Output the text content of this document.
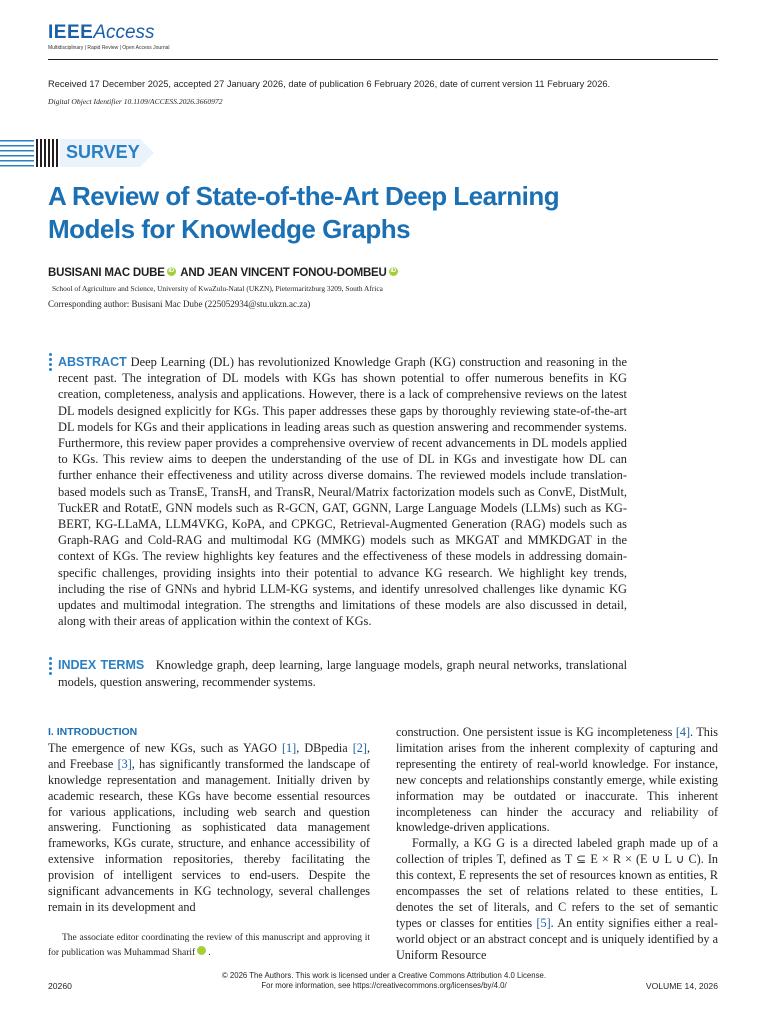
IEEEAccess
Multidisciplinary | Rapid Review | Open Access Journal
Received 17 December 2025, accepted 27 January 2026, date of publication 6 February 2026, date of current version 11 February 2026.
Digital Object Identifier 10.1109/ACCESS.2026.3660972
SURVEY
A Review of State-of-the-Art Deep Learning
Models for Knowledge Graphs
BUSISANI MAC DUBE iD AND JEAN VINCENT FONOU-DOMBEU iD
School of Agriculture and Science, University of KwaZulu-Natal (UKZN), Pietermaritzburg 3209, South Africa
Corresponding author: Busisani Mac Dube (225052934@stu.ukzn.ac.za)
ABSTRACT Deep Learning (DL) has revolutionized Knowledge Graph (KG) construction and reasoning in the recent past. The integration of DL models with KGs has shown potential to offer numerous benefits in KG creation, completeness, analysis and applications. However, there is a lack of comprehensive reviews on the latest DL models designed explicitly for KGs. This paper addresses these gaps by thoroughly reviewing state-of-the-art DL models for KGs and their applications in leading areas such as question answering and recommender systems. Furthermore, this review paper provides a comprehensive overview of recent advancements in DL models applied to KGs. This review aims to deepen the understanding of the use of DL in KGs and investigate how DL can further enhance their effectiveness and utility across diverse domains. The reviewed models include translation-based models such as TransE, TransH, and TransR, Neural/Matrix factorization models such as ConvE, DistMult, TuckER and RotatE, GNN models such as R-GCN, GAT, GGNN, Large Language Models (LLMs) such as KG-BERT, KG-LLaMA, LLM4VKG, KoPA, and CPKGC, Retrieval-Augmented Generation (RAG) models such as Graph-RAG and Cold-RAG and multimodal KG (MMKG) models such as MKGAT and MMKDGAT in the context of KGs. The review highlights key features and the effectiveness of these models in addressing domain-specific challenges, providing insights into their potential to advance KG research. We highlight key trends, including the rise of GNNs and hybrid LLM-KG systems, and identify unresolved challenges like dynamic KG updates and multimodal integration. The strengths and limitations of these models are also discussed in detail, along with their areas of application within the context of KGs.
INDEX TERMS Knowledge graph, deep learning, large language models, graph neural networks, translational models, question answering, recommender systems.
I. INTRODUCTION
The emergence of new KGs, such as YAGO [1], DBpedia [2], and Freebase [3], has significantly transformed the landscape of knowledge representation and management. Initially driven by academic research, these KGs have become essential resources for various applications, including web search and question answering. Functioning as sophisticated data management frameworks, KGs curate, structure, and enhance accessibility of extensive information repositories, thereby facilitating the provision of intelligent services to end-users. Despite the significant advancements in KG technology, several challenges remain in its development and
The associate editor coordinating the review of this manuscript and approving it for publication was Muhammad Sharif	iD.
construction. One persistent issue is KG incompleteness [4]. This limitation arises from the inherent complexity of capturing and representing the entirety of real-world knowledge. For instance, new concepts and relationships constantly emerge, while existing information may be outdated or inaccurate. This inherent incompleteness can hinder the accuracy and reliability of knowledge-driven applications.
Formally, a KG G is a directed labeled graph made up of a collection of triples T, defined as T ⊆ E × R × (E ∪ L ∪ C). In this context, E represents the set of resources known as entities, R encompasses the set of relations related to these entities, L denotes the set of literals, and C refers to the set of semantic types or classes for entities [5]. An entity signifies either a real-world object or an abstract concept and is uniquely identified by a Uniform Resource
20260
© 2026 The Authors. This work is licensed under a Creative Commons Attribution 4.0 License.
For more information, see https://creativecommons.org/licenses/by/4.0/	VOLUME 14, 2026
